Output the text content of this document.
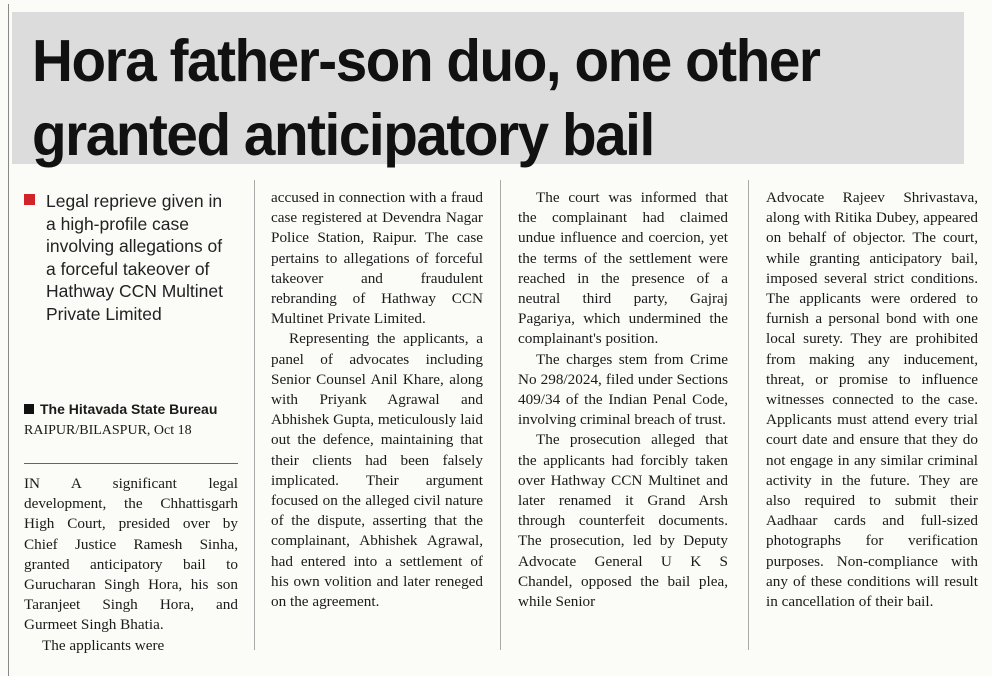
Hora father-son duo, one other
granted anticipatory bail
Legal reprieve given in a high-profile case involving allegations of a forceful takeover of Hathway CCN Multinet Private Limited
The Hitavada State Bureau
RAIPUR/BILASPUR, Oct 18

IN A significant legal development, the Chhattisgarh High Court, presided over by Chief Justice Ramesh Sinha, granted anticipatory bail to Gurucharan Singh Hora, his son Taranjeet Singh Hora, and Gurmeet Singh Bhatia.

The applicants were

accused in connection with a fraud case registered at Devendra Nagar Police Station, Raipur. The case pertains to allegations of forceful takeover and fraudulent rebranding of Hathway CCN Multinet Private Limited.

Representing the applicants, a panel of advocates including Senior Counsel Anil Khare, along with Priyank Agrawal and Abhishek Gupta, meticulously laid out the defence, maintaining that their clients had been falsely implicated. Their argument focused on the alleged civil nature of the dispute, asserting that the complainant, Abhishek Agrawal, had entered into a settlement of his own volition and later reneged on the agreement.

The court was informed that the complainant had claimed undue influence and coercion, yet the terms of the settlement were reached in the presence of a neutral third party, Gajraj Pagariya, which undermined the complainant's position.

The charges stem from Crime No 298/2024, filed under Sections 409/34 of the Indian Penal Code, involving criminal breach of trust.

The prosecution alleged that the applicants had forcibly taken over Hathway CCN Multinet and later renamed it Grand Arsh through counterfeit documents. The prosecution, led by Deputy Advocate General U K S Chandel, opposed the bail plea, while Senior

Advocate Rajeev Shrivastava, along with Ritika Dubey, appeared on behalf of objector. The court, while granting anticipatory bail, imposed several strict conditions. The applicants were ordered to furnish a personal bond with one local surety. They are prohibited from making any inducement, threat, or promise to influence witnesses connected to the case. Applicants must attend every trial court date and ensure that they do not engage in any similar criminal activity in the future. They are also required to submit their Aadhaar cards and full-sized photographs for verification purposes. Non-compliance with any of these conditions will result in cancellation of their bail.
